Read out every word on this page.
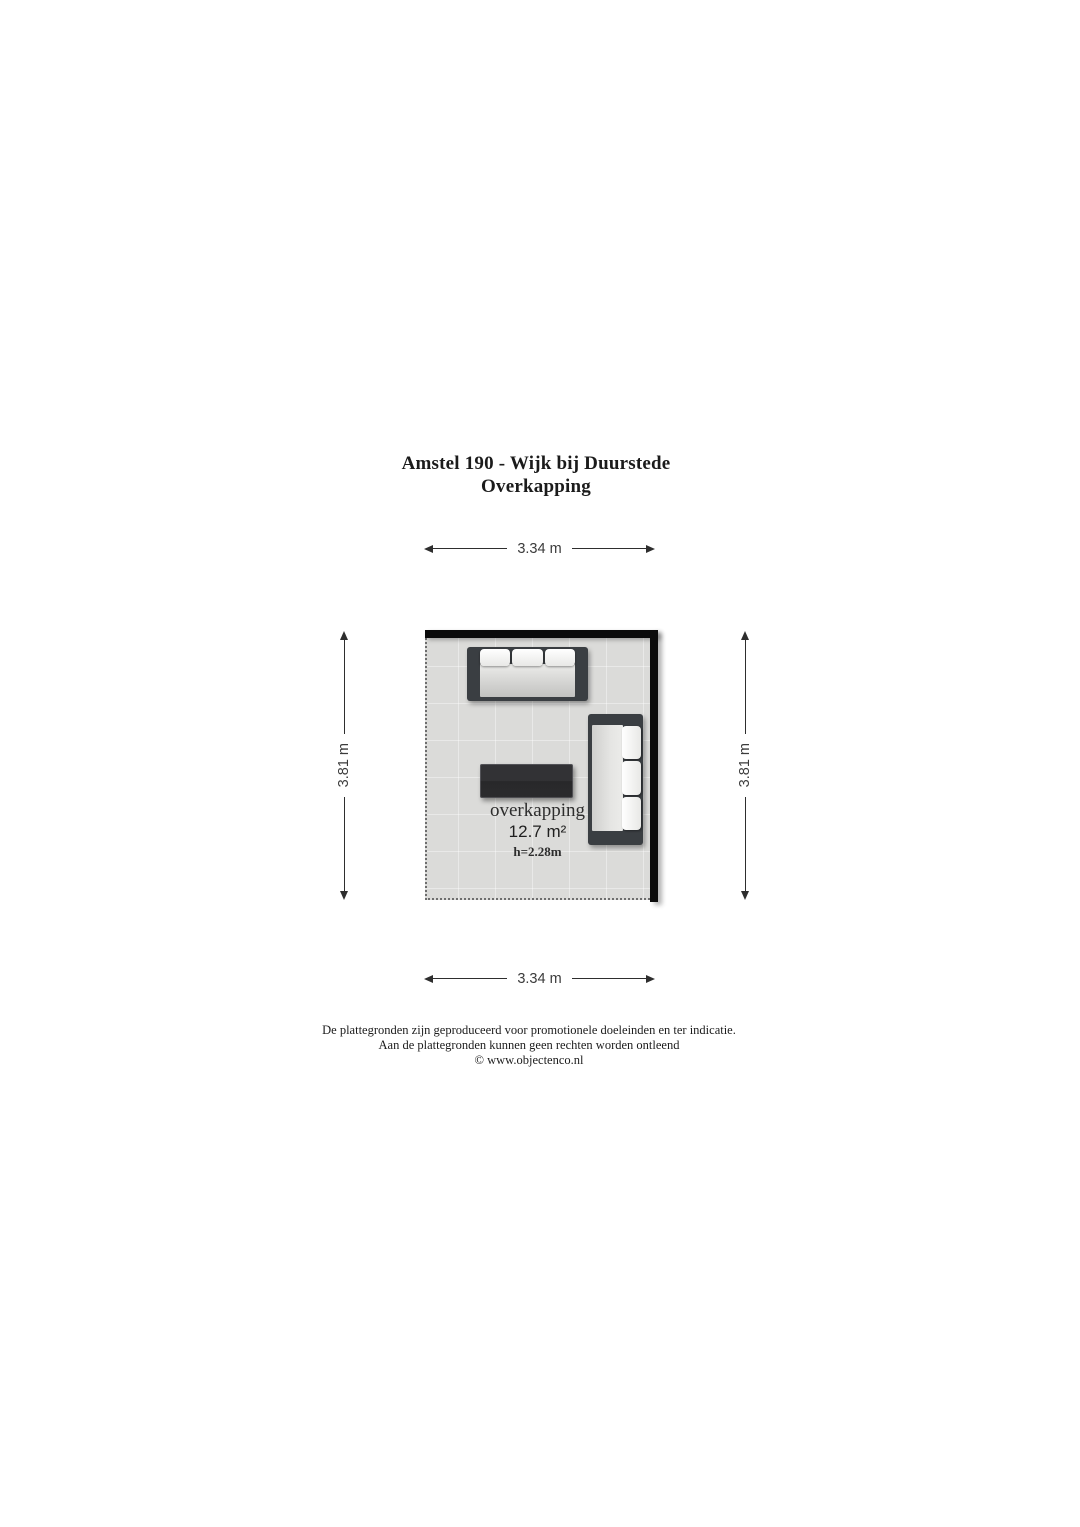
Amstel 190 - Wijk bij Duurstede
Overkapping
3.34 m
3.81 m	3.81 m
overkapping
12.7 m²
h=2.28m
3.34 m
De plattegronden zijn geproduceerd voor promotionele doeleinden en ter indicatie.
Aan de plattegronden kunnen geen rechten worden ontleend
© www.objectenco.nl
